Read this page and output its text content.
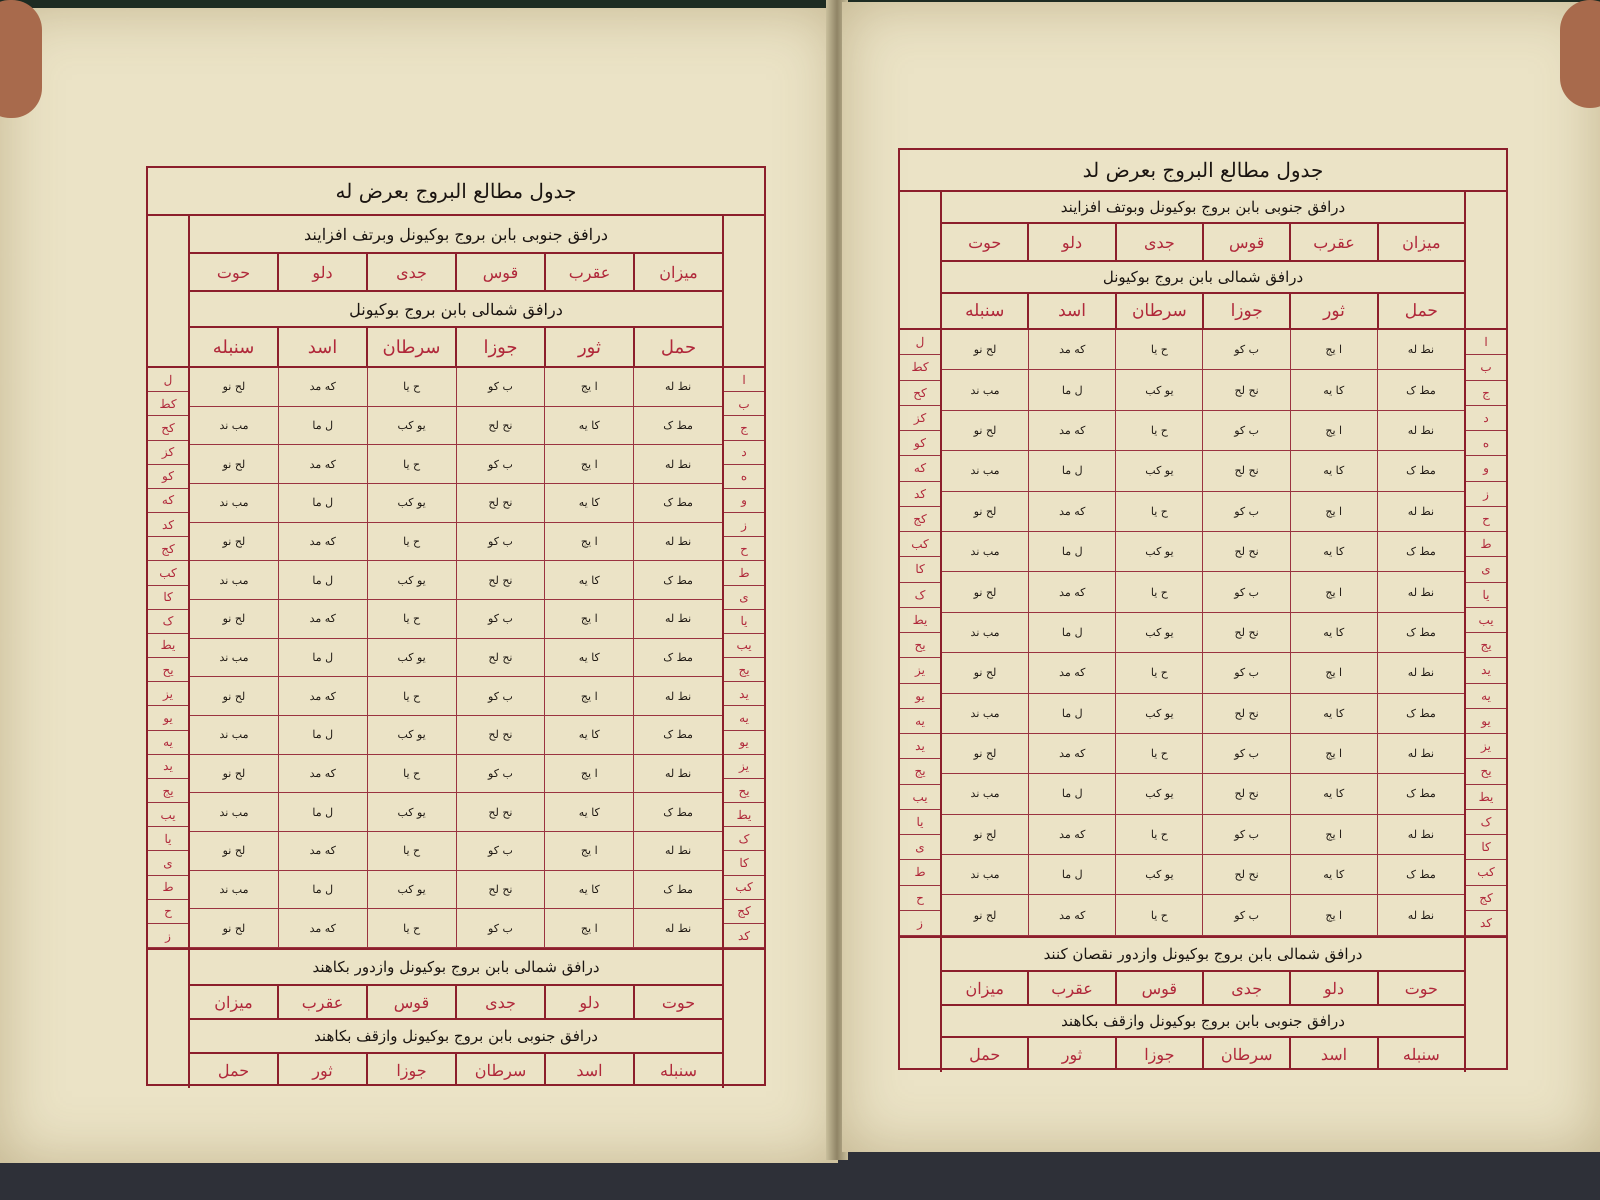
جدول مطالع البروج بعرض له
درافق جنوبی بابن بروج بوکیونل وبرتف افزایند
میزان
عقرب
قوس
جدی
دلو
حوت
درافق شمالی بابن بروج بوکیونل
حمل
ثور
جوزا
سرطان
اسد
سنبله
ا
ب
ج
د
ه
و
ز
ح
ط
ی
یا
یب
یج
ید
یه
یو
یز
یح
یط
ک
کا
کب
کج
کد
ل
کط
کح
کز
کو
که
کد
کج
کب
کا
ک
یط
یح
یز
یو
یه
ید
یج
یب
یا
ی
ط
ح
ز
نط له
ا یج
ب کو
ح یا
که مد
لح نو
مط ک
کا یه
نح لح
یو کب
ل ما
مب ند
نط له
ا یج
ب کو
ح یا
که مد
لح نو
مط ک
کا یه
نح لح
یو کب
ل ما
مب ند
نط له
ا یج
ب کو
ح یا
که مد
لح نو
مط ک
کا یه
نح لح
یو کب
ل ما
مب ند
نط له
ا یج
ب کو
ح یا
که مد
لح نو
مط ک
کا یه
نح لح
یو کب
ل ما
مب ند
نط له
ا یج
ب کو
ح یا
که مد
لح نو
مط ک
کا یه
نح لح
یو کب
ل ما
مب ند
نط له
ا یج
ب کو
ح یا
که مد
لح نو
مط ک
کا یه
نح لح
یو کب
ل ما
مب ند
نط له
ا یج
ب کو
ح یا
که مد
لح نو
مط ک
کا یه
نح لح
یو کب
ل ما
مب ند
نط له
ا یج
ب کو
ح یا
که مد
لح نو
درافق شمالی بابن بروج بوکیونل وازدور بکاهند
حوت
دلو
جدی
قوس
عقرب
میزان
درافق جنوبی بابن بروج بوکیونل وازقف بکاهند
سنبله
اسد
سرطان
جوزا
ثور
حمل
جدول مطالع البروج بعرض لد
درافق جنوبی بابن بروج بوکیونل وبوتف افزایند
میزان
عقرب
قوس
جدی
دلو
حوت
درافق شمالی بابن بروج بوکیونل
حمل
ثور
جوزا
سرطان
اسد
سنبله
ا
ب
ج
د
ه
و
ز
ح
ط
ی
یا
یب
یج
ید
یه
یو
یز
یح
یط
ک
کا
کب
کج
کد
ل
کط
کح
کز
کو
که
کد
کج
کب
کا
ک
یط
یح
یز
یو
یه
ید
یج
یب
یا
ی
ط
ح
ز
نط له
ا یج
ب کو
ح یا
که مد
لح نو
مط ک
کا یه
نح لح
یو کب
ل ما
مب ند
نط له
ا یج
ب کو
ح یا
که مد
لح نو
مط ک
کا یه
نح لح
یو کب
ل ما
مب ند
نط له
ا یج
ب کو
ح یا
که مد
لح نو
مط ک
کا یه
نح لح
یو کب
ل ما
مب ند
نط له
ا یج
ب کو
ح یا
که مد
لح نو
مط ک
کا یه
نح لح
یو کب
ل ما
مب ند
نط له
ا یج
ب کو
ح یا
که مد
لح نو
مط ک
کا یه
نح لح
یو کب
ل ما
مب ند
نط له
ا یج
ب کو
ح یا
که مد
لح نو
مط ک
کا یه
نح لح
یو کب
ل ما
مب ند
نط له
ا یج
ب کو
ح یا
که مد
لح نو
مط ک
کا یه
نح لح
یو کب
ل ما
مب ند
نط له
ا یج
ب کو
ح یا
که مد
لح نو
درافق شمالی بابن بروج بوکیونل وازدور نقصان کنند
حوت
دلو
جدی
قوس
عقرب
میزان
درافق جنوبی بابن بروج بوکیونل وازقف بکاهند
سنبله
اسد
سرطان
جوزا
ثور
حمل
